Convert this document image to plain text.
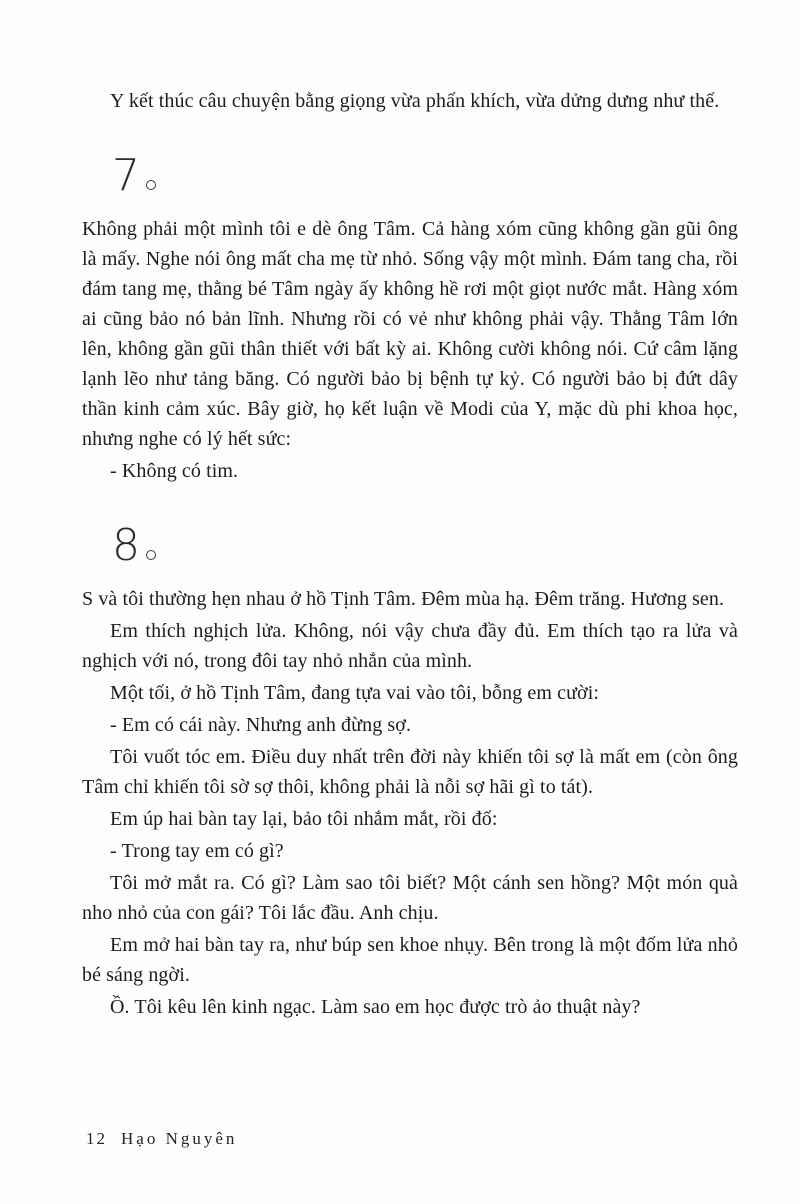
Y kết thúc câu chuyện bằng giọng vừa phấn khích, vừa dửng dưng như thế.

7

Không phải một mình tôi e dè ông Tâm. Cả hàng xóm cũng không gần gũi ông là mấy. Nghe nói ông mất cha mẹ từ nhỏ. Sống vậy một mình. Đám tang cha, rồi đám tang mẹ, thằng bé Tâm ngày ấy không hề rơi một giọt nước mắt. Hàng xóm ai cũng bảo nó bản lĩnh. Nhưng rồi có vẻ như không phải vậy. Thằng Tâm lớn lên, không gần gũi thân thiết với bất kỳ ai. Không cười không nói. Cứ câm lặng lạnh lẽo như tảng băng. Có người bảo bị bệnh tự kỷ. Có người bảo bị đứt dây thần kinh cảm xúc. Bây giờ, họ kết luận về Modi của Y, mặc dù phi khoa học, nhưng nghe có lý hết sức:

- Không có tim.

8

S và tôi thường hẹn nhau ở hồ Tịnh Tâm. Đêm mùa hạ. Đêm trăng. Hương sen.

Em thích nghịch lửa. Không, nói vậy chưa đầy đủ. Em thích tạo ra lửa và nghịch với nó, trong đôi tay nhỏ nhắn của mình.

Một tối, ở hồ Tịnh Tâm, đang tựa vai vào tôi, bỗng em cười:

- Em có cái này. Nhưng anh đừng sợ.

Tôi vuốt tóc em. Điều duy nhất trên đời này khiến tôi sợ là mất em (còn ông Tâm chỉ khiến tôi sờ sợ thôi, không phải là nỗi sợ hãi gì to tát).

Em úp hai bàn tay lại, bảo tôi nhắm mắt, rồi đố:

- Trong tay em có gì?

Tôi mở mắt ra. Có gì? Làm sao tôi biết? Một cánh sen hồng? Một món quà nho nhỏ của con gái? Tôi lắc đầu. Anh chịu.

Em mở hai bàn tay ra, như búp sen khoe nhụy. Bên trong là một đốm lửa nhỏ bé sáng ngời.

Ồ. Tôi kêu lên kinh ngạc. Làm sao em học được trò ảo thuật này?

12 Hạo Nguyên
